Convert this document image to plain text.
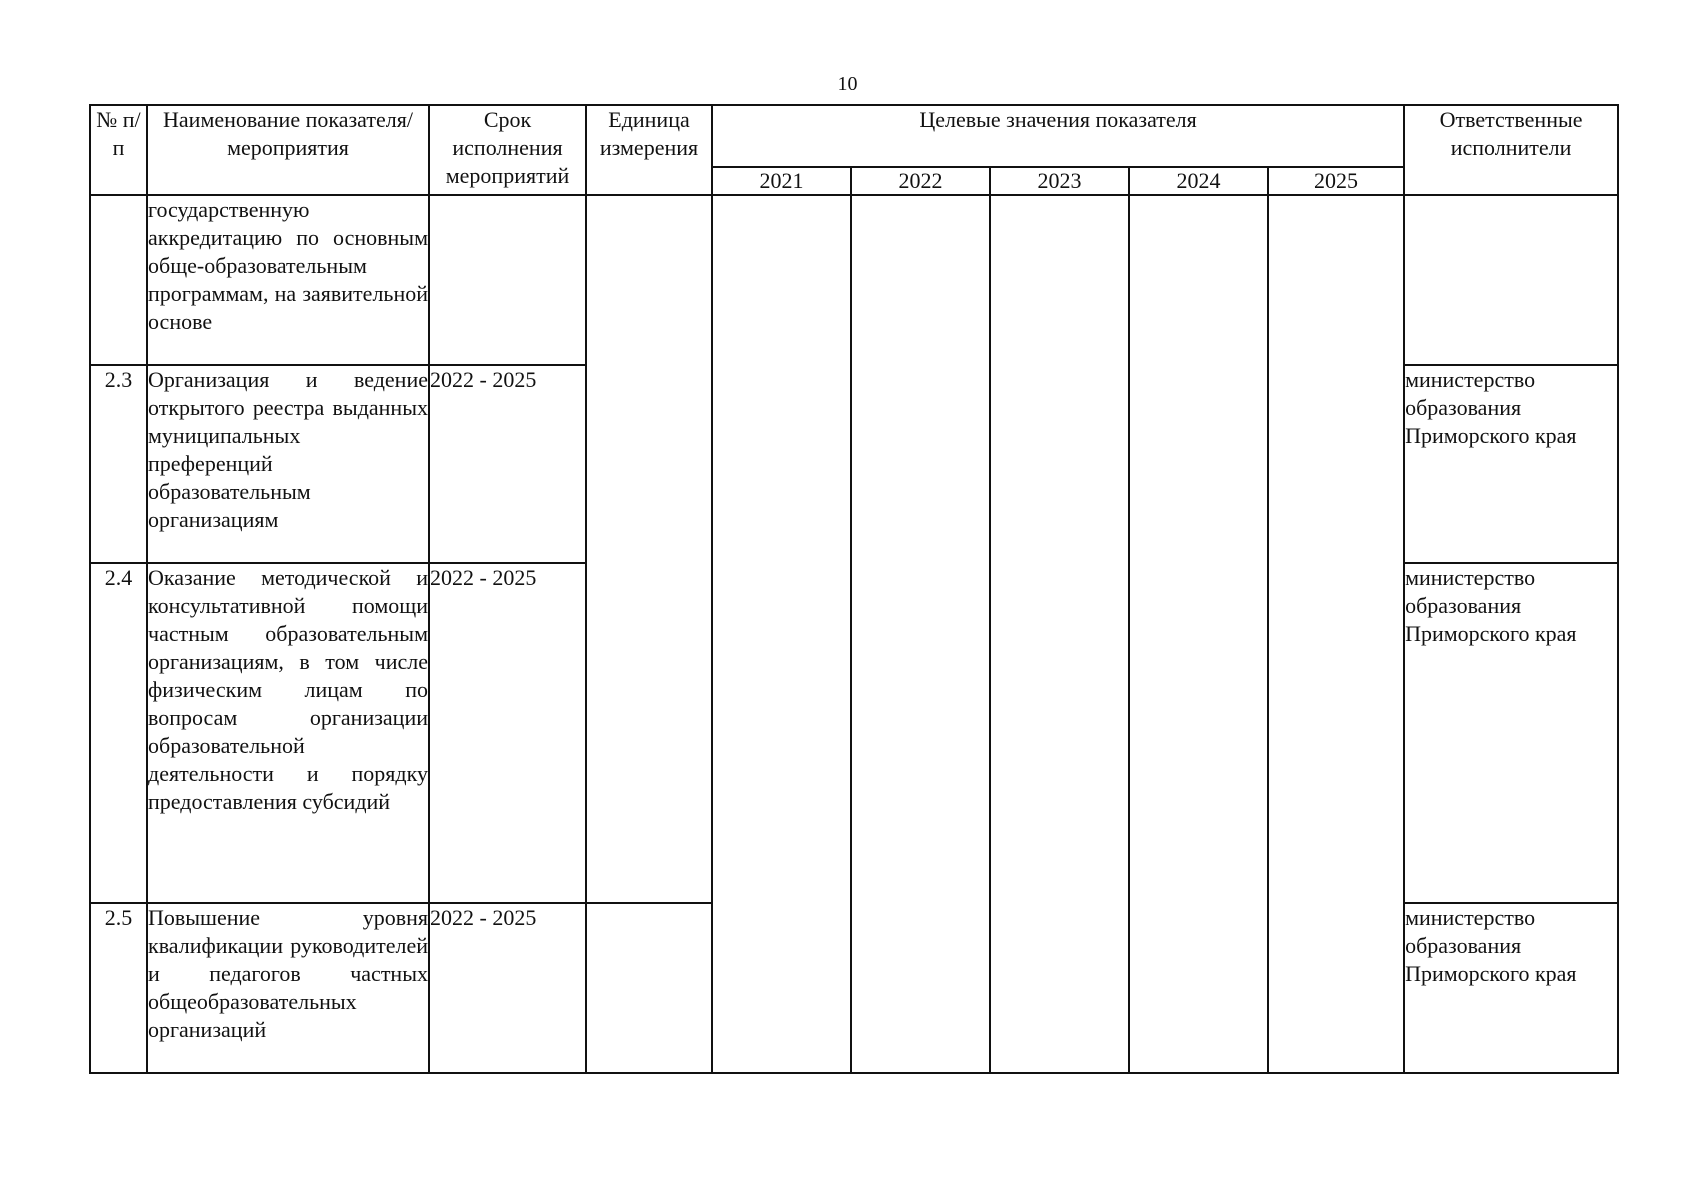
10
№ п/п	Наименование показателя/мероприятия	Срок исполнения мероприятий	Единица измерения	Целевые значения показателя					Ответственные исполнители
				2021	2022	2023	2024	2025	
	государственную аккредитацию по основным обще-образовательным программам, на заявительной основе								
2.3	Организация и ведение открытого реестра выданных муниципальных преференций образовательным организациям	2022 - 2025							министерство образования Приморского края
2.4	Оказание методической и консультативной помощи частным образовательным организациям, в том числе физическим лицам по вопросам организации образовательной деятельности и порядку предоставления субсидий	2022 - 2025							министерство образования Приморского края
2.5	Повышение уровня квалификации руководителей и педагогов частных общеобразовательных организаций	2022 - 2025							министерство образования Приморского края
